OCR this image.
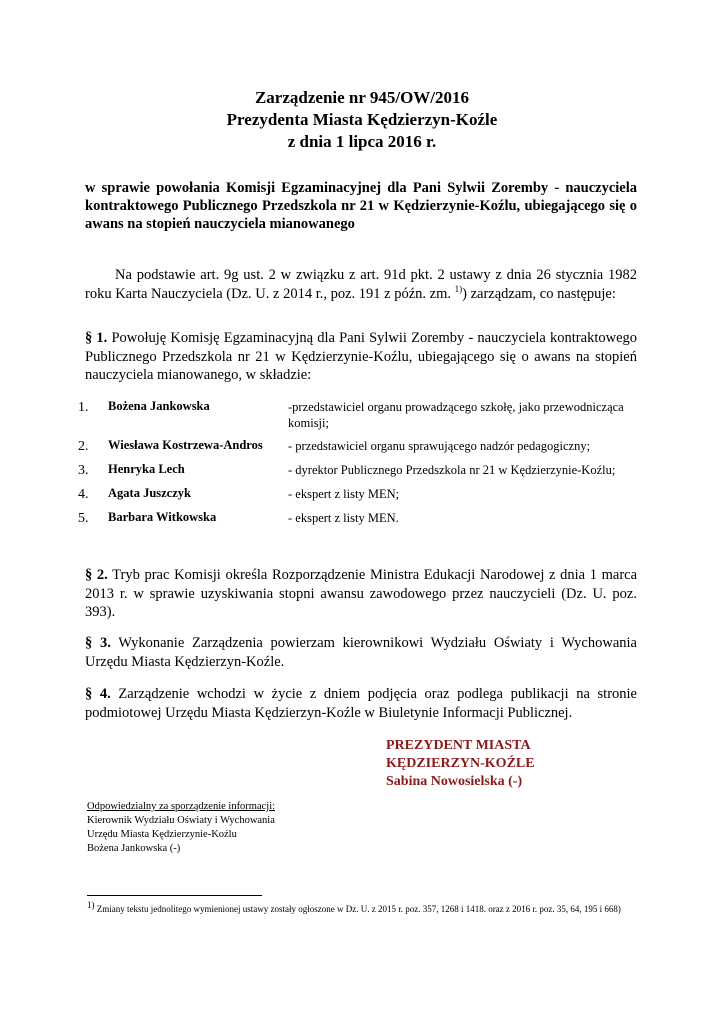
Zarządzenie nr 945/OW/2016
Prezydenta Miasta Kędzierzyn-Koźle
z dnia 1 lipca 2016 r.
w sprawie powołania Komisji Egzaminacyjnej dla Pani Sylwii Zoremby - nauczyciela kontraktowego Publicznego Przedszkola nr 21 w Kędzierzynie-Koźlu, ubiegającego się o awans na stopień nauczyciela mianowanego
Na podstawie art. 9g ust. 2 w związku z art. 91d pkt. 2 ustawy z dnia 26 stycznia 1982 roku Karta Nauczyciela (Dz. U. z 2014 r., poz. 191 z późn. zm. $^{1)}$) zarządzam, co następuje:
§ 1. Powołuję Komisję Egzaminacyjną dla Pani Sylwii Zoremby - nauczyciela kontraktowego Publicznego Przedszkola nr 21 w Kędzierzynie-Koźlu, ubiegającego się o awans na stopień nauczyciela mianowanego, w składzie:
1.	Bożena Jankowska	-przedstawiciel organu prowadzącego szkołę, jako przewodnicząca komisji;
2.	Wiesława Kostrzewa-Andros	- przedstawiciel organu sprawującego nadzór pedagogiczny;
3.	Henryka Lech	- dyrektor Publicznego Przedszkola nr 21 w Kędzierzynie-Koźlu;
4.	Agata Juszczyk	- ekspert z listy MEN;
5.	Barbara Witkowska	- ekspert z listy MEN.
§ 2. Tryb prac Komisji określa Rozporządzenie Ministra Edukacji Narodowej z dnia 1 marca 2013 r. w sprawie uzyskiwania stopni awansu zawodowego przez nauczycieli (Dz. U. poz. 393).
§ 3. Wykonanie Zarządzenia powierzam kierownikowi Wydziału Oświaty i Wychowania Urzędu Miasta Kędzierzyn-Koźle.
§ 4. Zarządzenie wchodzi w życie z dniem podjęcia oraz podlega publikacji na stronie podmiotowej Urzędu Miasta Kędzierzyn-Koźle w Biuletynie Informacji Publicznej.
PREZYDENT MIASTA
KĘDZIERZYN-KOŹLE
Sabina Nowosielska (-)
Odpowiedzialny za sporządzenie informacji:
Kierownik Wydziału Oświaty i Wychowania
Urzędu Miasta Kędzierzynie-Koźlu
Bożena Jankowska (-)
1) Zmiany tekstu jednolitego wymienionej ustawy zostały ogłoszone w Dz. U. z 2015 r. poz. 357, 1268 i 1418. oraz z 2016 r. poz. 35, 64, 195 i 668)
